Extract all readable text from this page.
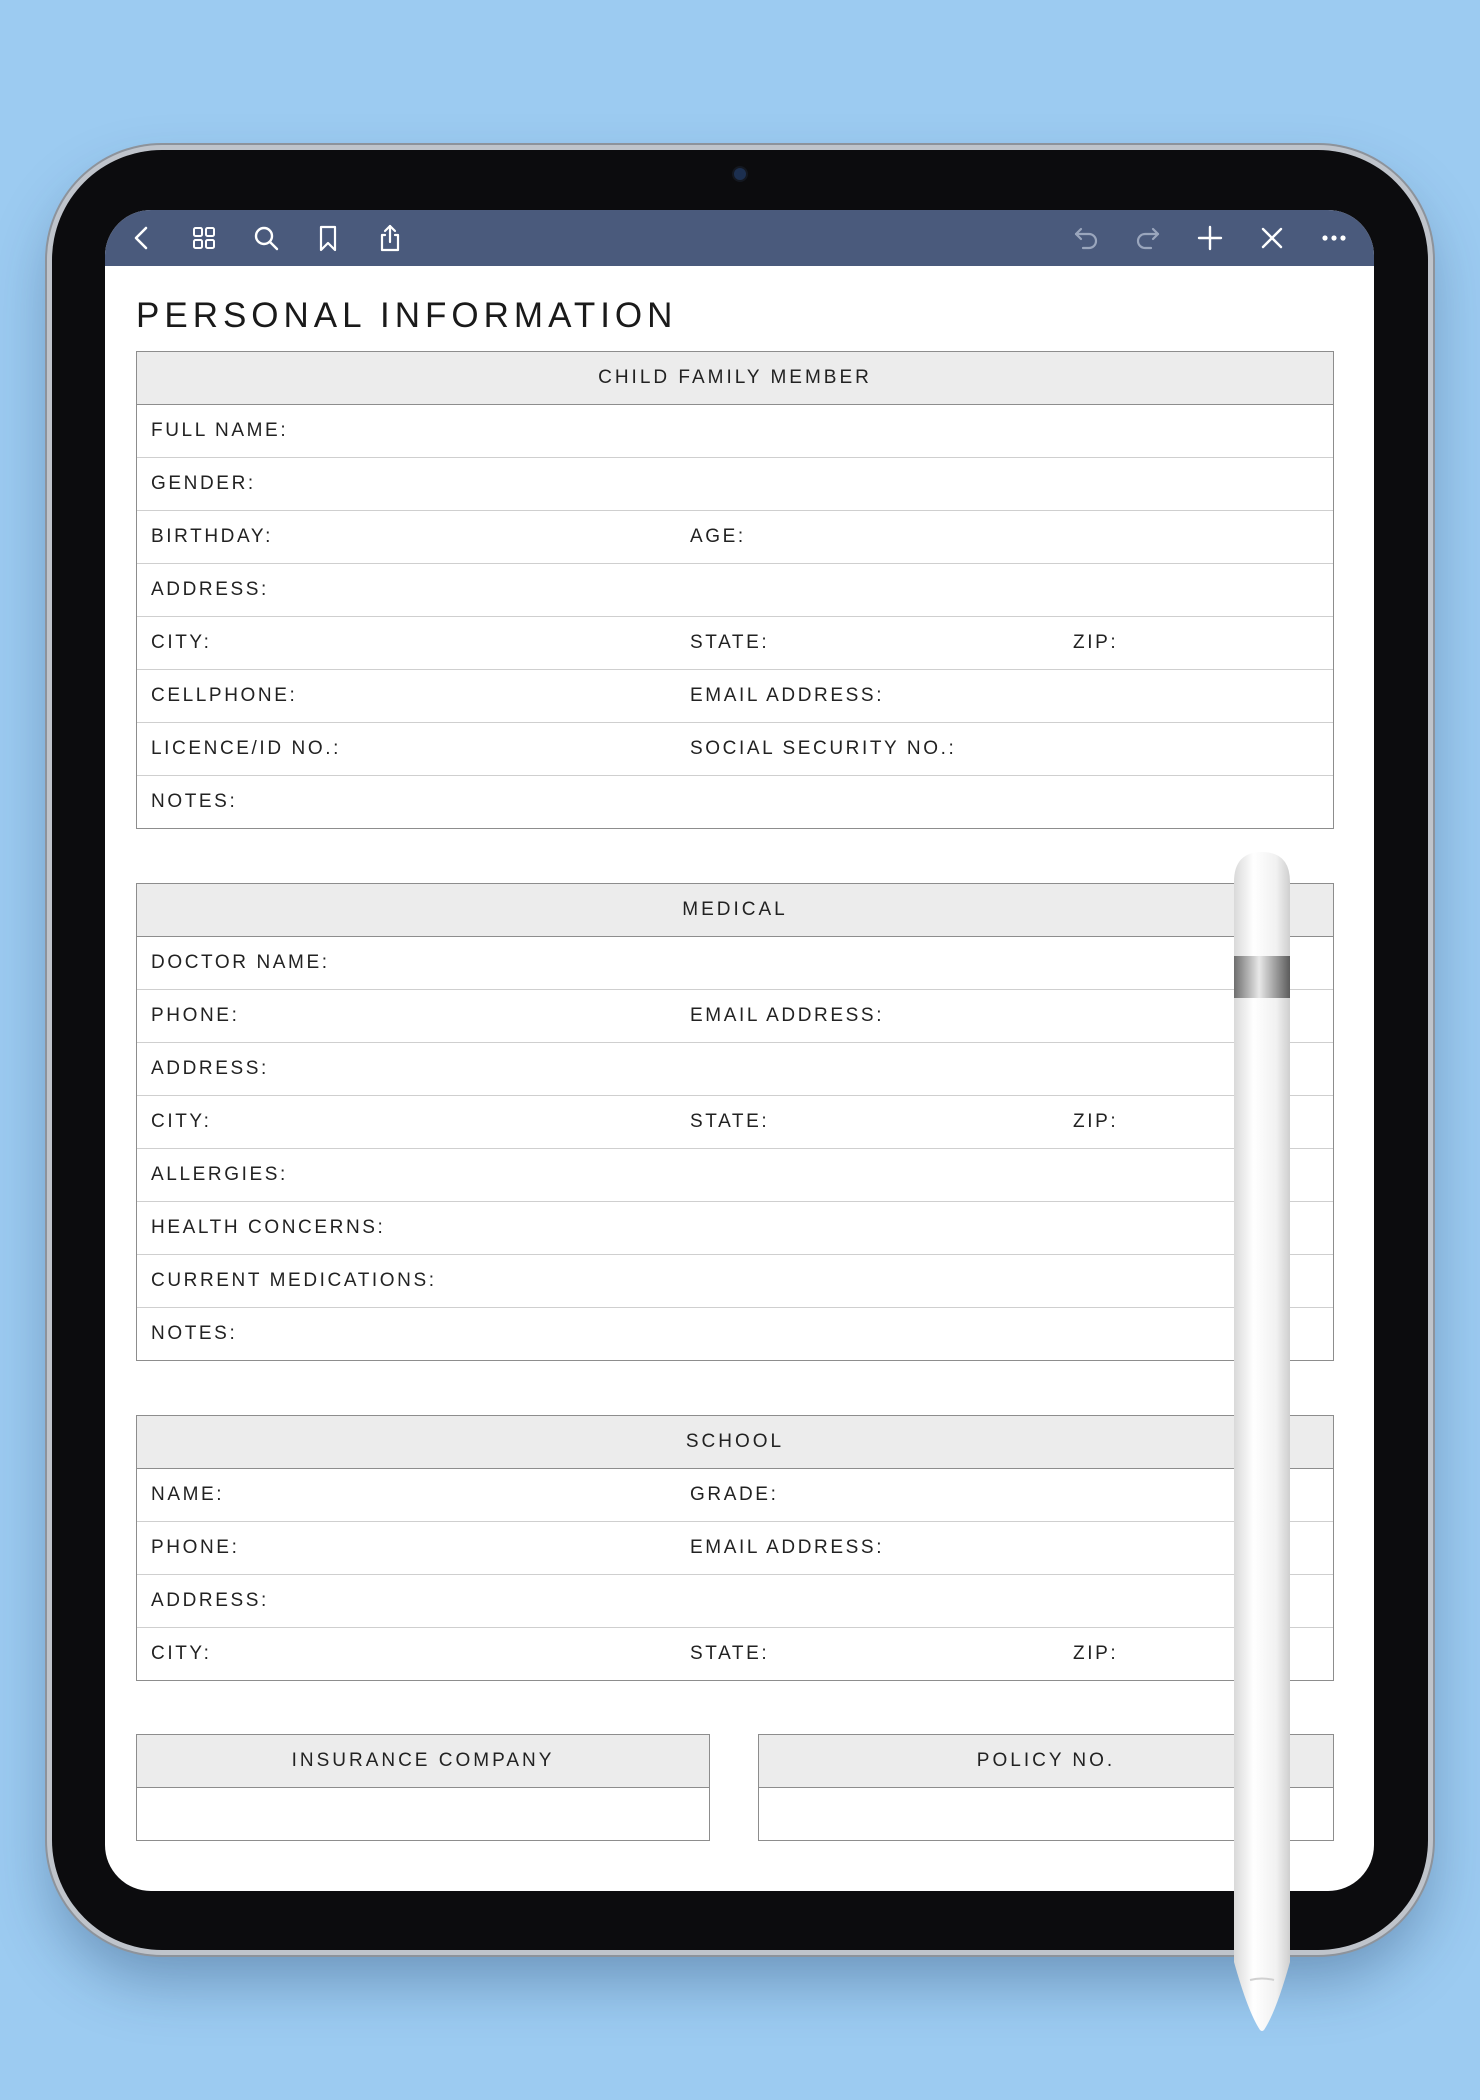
PERSONAL INFORMATION
CHILD FAMILY MEMBER
FULL NAME:
GENDER:
BIRTHDAY:	AGE:
ADDRESS:
CITY:	STATE:	ZIP:
CELLPHONE:	EMAIL ADDRESS:
LICENCE/ID NO.:	SOCIAL SECURITY NO.:
NOTES:
MEDICAL
DOCTOR NAME:
PHONE:	EMAIL ADDRESS:
ADDRESS:
CITY:	STATE:	ZIP:
ALLERGIES:
HEALTH CONCERNS:
CURRENT MEDICATIONS:
NOTES:
SCHOOL
NAME:	GRADE:
PHONE:	EMAIL ADDRESS:
ADDRESS:
CITY:	STATE:	ZIP:
INSURANCE COMPANY	POLICY NO.
